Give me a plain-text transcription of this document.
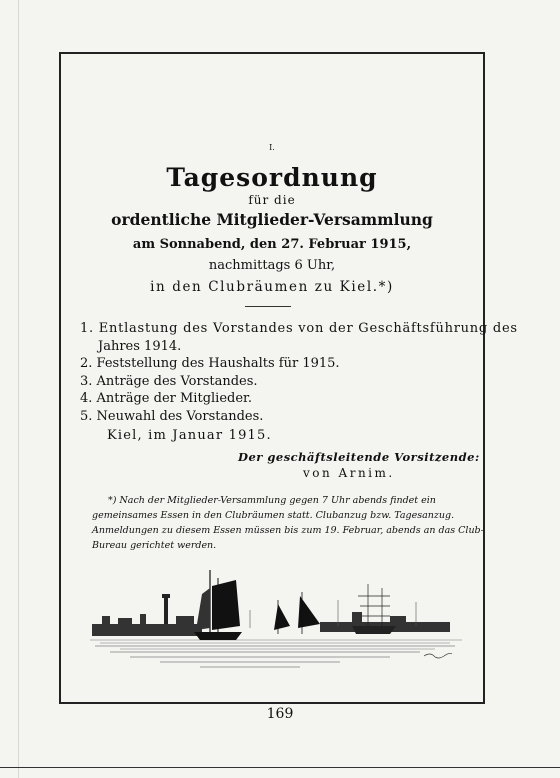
I.
Tagesordnung
für die
ordentliche Mitglieder-Versammlung
am Sonnabend, den 27. Februar 1915,
nachmittags 6 Uhr,
in den Clubräumen zu Kiel.*)
1. Entlastung des Vorstandes von der Geschäftsführung des
Jahres 1914.
2. Feststellung des Haushalts für 1915.
3. Anträge des Vorstandes.
4. Anträge der Mitglieder.
5. Neuwahl des Vorstandes.
Kiel, im Januar 1915.
Der geschäftsleitende Vorsitzende:
von Arnim.
*) Nach der Mitglieder-Versammlung gegen 7 Uhr abends findet ein
gemeinsames Essen in den Clubräumen statt. Clubanzug bzw. Tagesanzug.
Anmeldungen zu diesem Essen müssen bis zum 19. Februar, abends an das Club-
Bureau gerichtet werden.
169
